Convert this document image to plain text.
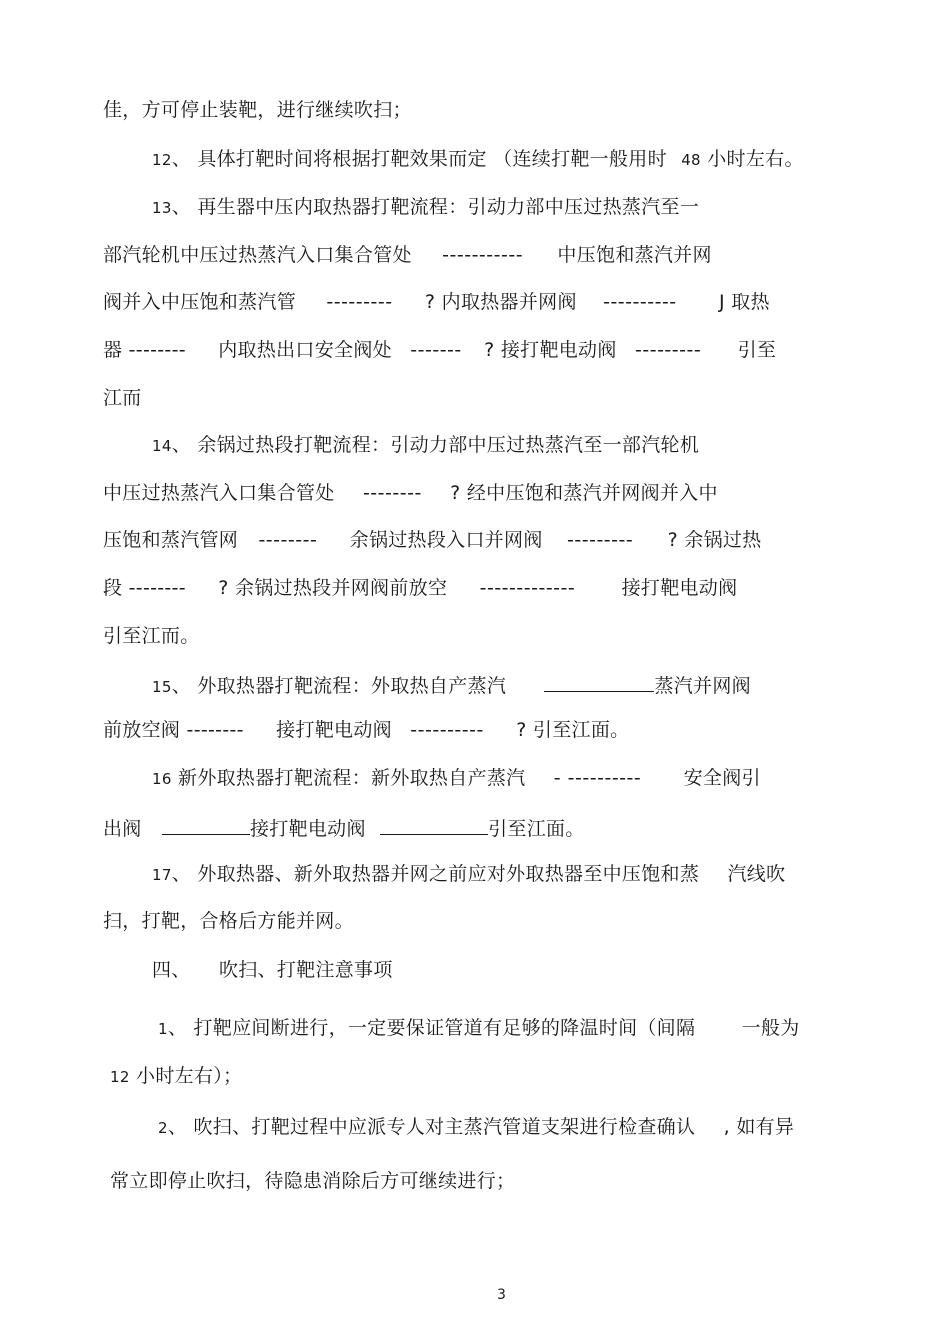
佳，方可停止装靶，进行继续吹扫；
12、 具体打靶时间将根据打靶效果而定 （连续打靶一般用时 48 小时左右。
13、 再生器中压内取热器打靶流程：引动力部中压过热蒸汽至一
部汽轮机中压过热蒸汽入口集合管处 ----------- 中压饱和蒸汽并网
阀并入中压饱和蒸汽管 --------- ? 内取热器并网阀 ---------- J 取热
器 -------- 内取热出口安全阀处 ------- ? 接打靶电动阀 --------- 引至
江而
14、 余锅过热段打靶流程：引动力部中压过热蒸汽至一部汽轮机
中压过热蒸汽入口集合管处 -------- ? 经中压饱和蒸汽并网阀并入中
压饱和蒸汽管网 -------- 余锅过热段入口并网阀 --------- ? 余锅过热
段 -------- ? 余锅过热段并网阀前放空 ------------- 接打靶电动阀
引至江而。
15、 外取热器打靶流程：外取热自产蒸汽	蒸汽并网阀
前放空阀 -------- 接打靶电动阀 ---------- ? 引至江面。
16 新外取热器打靶流程：新外取热自产蒸汽 - ---------- 安全阀引
出阀	接打靶电动阀	引至江面。
17、 外取热器、新外取热器并网之前应对外取热器至中压饱和蒸 汽线吹
扫，打靶，合格后方能并网。
四、 吹扫、打靶注意事项
1、 打靶应间断进行，一定要保证管道有足够的降温时间（间隔 一般为
12 小时左右）；
2、 吹扫、打靶过程中应派专人对主蒸汽管道支架进行检查确认 , 如有异
常立即停止吹扫，待隐患消除后方可继续进行；
3
